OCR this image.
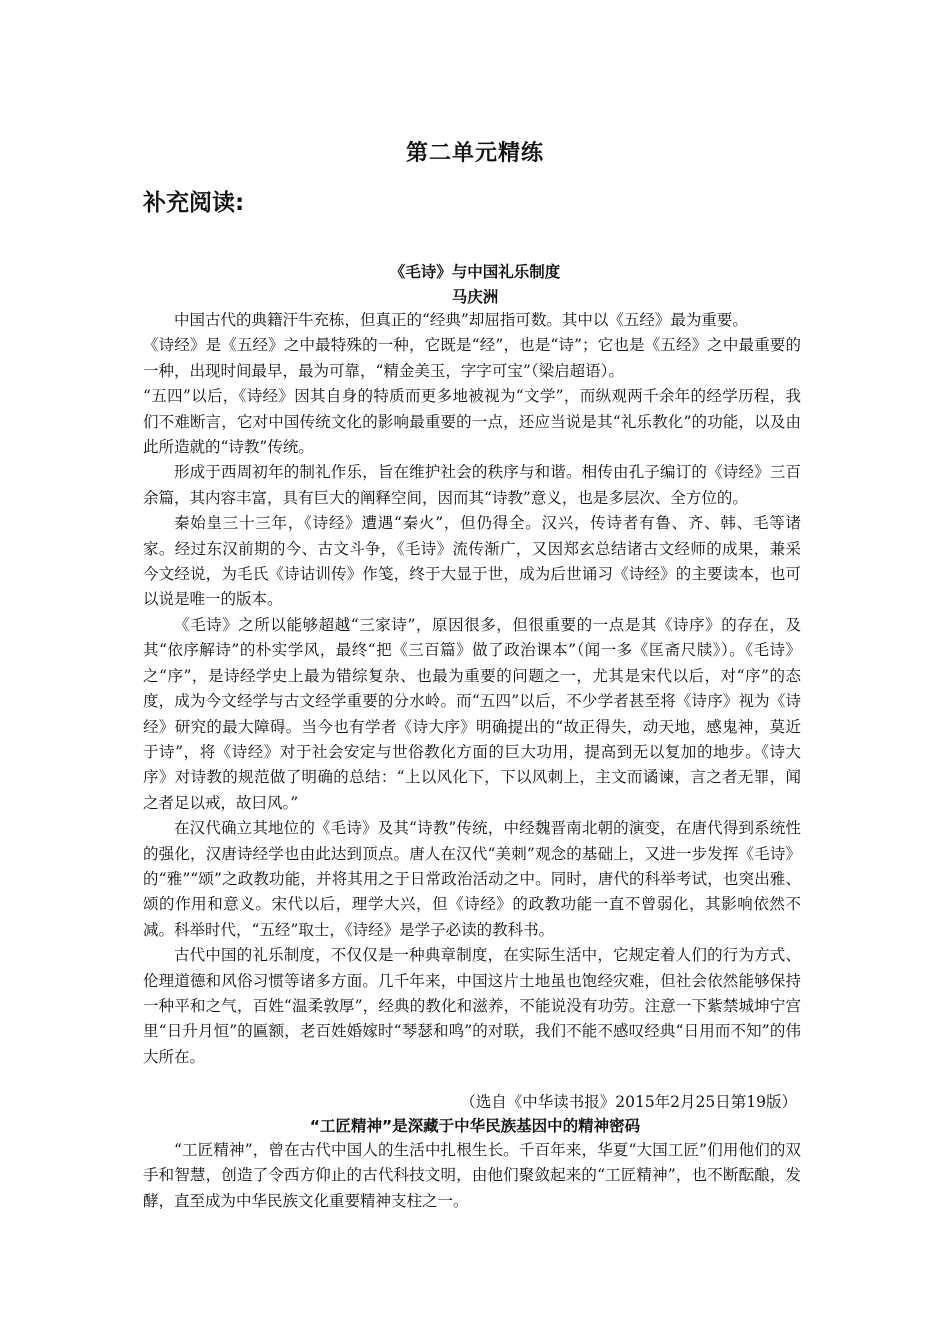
第二单元精练
补充阅读:
《毛诗》与中国礼乐制度
马庆洲

中国古代的典籍汗牛充栋，但真正的“经典”却屈指可数。其中以《五经》最为重要。

《诗经》是《五经》之中最特殊的一种，它既是“经”，也是“诗”；它也是《五经》之中最重要的一种，出现时间最早，最为可靠，“精金美玉，字字可宝”（梁启超语）。

“五四”以后，《诗经》因其自身的特质而更多地被视为“文学”，而纵观两千余年的经学历程，我们不难断言，它对中国传统文化的影响最重要的一点，还应当说是其“礼乐教化”的功能，以及由此所造就的“诗教”传统。

形成于西周初年的制礼作乐，旨在维护社会的秩序与和谐。相传由孔子编订的《诗经》三百余篇，其内容丰富，具有巨大的阐释空间，因而其“诗教”意义，也是多层次、全方位的。

秦始皇三十三年，《诗经》遭遇“秦火”，但仍得全。汉兴，传诗者有鲁、齐、韩、毛等诸家。经过东汉前期的今、古文斗争，《毛诗》流传渐广，又因郑玄总结诸古文经师的成果，兼采今文经说，为毛氏《诗诂训传》作笺，终于大显于世，成为后世诵习《诗经》的主要读本，也可以说是唯一的版本。

《毛诗》之所以能够超越“三家诗”，原因很多，但很重要的一点是其《诗序》的存在，及其“依序解诗”的朴实学风，最终“把《三百篇》做了政治课本”（闻一多《匡斋尺牍》）。《毛诗》之“序”，是诗经学史上最为错综复杂、也最为重要的问题之一，尤其是宋代以后，对“序”的态度，成为今文经学与古文经学重要的分水岭。而“五四”以后，不少学者甚至将《诗序》视为《诗经》研究的最大障碍。当今也有学者《诗大序》明确提出的“故正得失，动天地，感鬼神，莫近于诗”，将《诗经》对于社会安定与世俗教化方面的巨大功用，提高到无以复加的地步。《诗大序》对诗教的规范做了明确的总结：“上以风化下，下以风刺上，主文而谲谏，言之者无罪，闻之者足以戒，故曰风。”

在汉代确立其地位的《毛诗》及其“诗教”传统，中经魏晋南北朝的演变，在唐代得到系统性的强化，汉唐诗经学也由此达到顶点。唐人在汉代“美刺”观念的基础上，又进一步发挥《毛诗》的“雅”“颂”之政教功能，并将其用之于日常政治活动之中。同时，唐代的科举考试，也突出雅、颂的作用和意义。宋代以后，理学大兴，但《诗经》的政教功能一直不曾弱化，其影响依然不减。科举时代，“五经”取士，《诗经》是学子必读的教科书。

古代中国的礼乐制度，不仅仅是一种典章制度，在实际生活中，它规定着人们的行为方式、伦理道德和风俗习惯等诸多方面。几千年来，中国这片土地虽也饱经灾难，但社会依然能够保持一种平和之气，百姓“温柔敦厚”，经典的教化和滋养，不能说没有功劳。注意一下紫禁城坤宁宫里“日升月恒”的匾额，老百姓婚嫁时“琴瑟和鸣”的对联，我们不能不感叹经典“日用而不知”的伟大所在。

（选自《中华读书报》2015年2月25日第19版）
“工匠精神”是深藏于中华民族基因中的精神密码

“工匠精神”，曾在古代中国人的生活中扎根生长。千百年来，华夏“大国工匠”们用他们的双手和智慧，创造了令西方仰止的古代科技文明，由他们聚敛起来的“工匠精神”，也不断酝酿，发酵，直至成为中华民族文化重要精神支柱之一。
